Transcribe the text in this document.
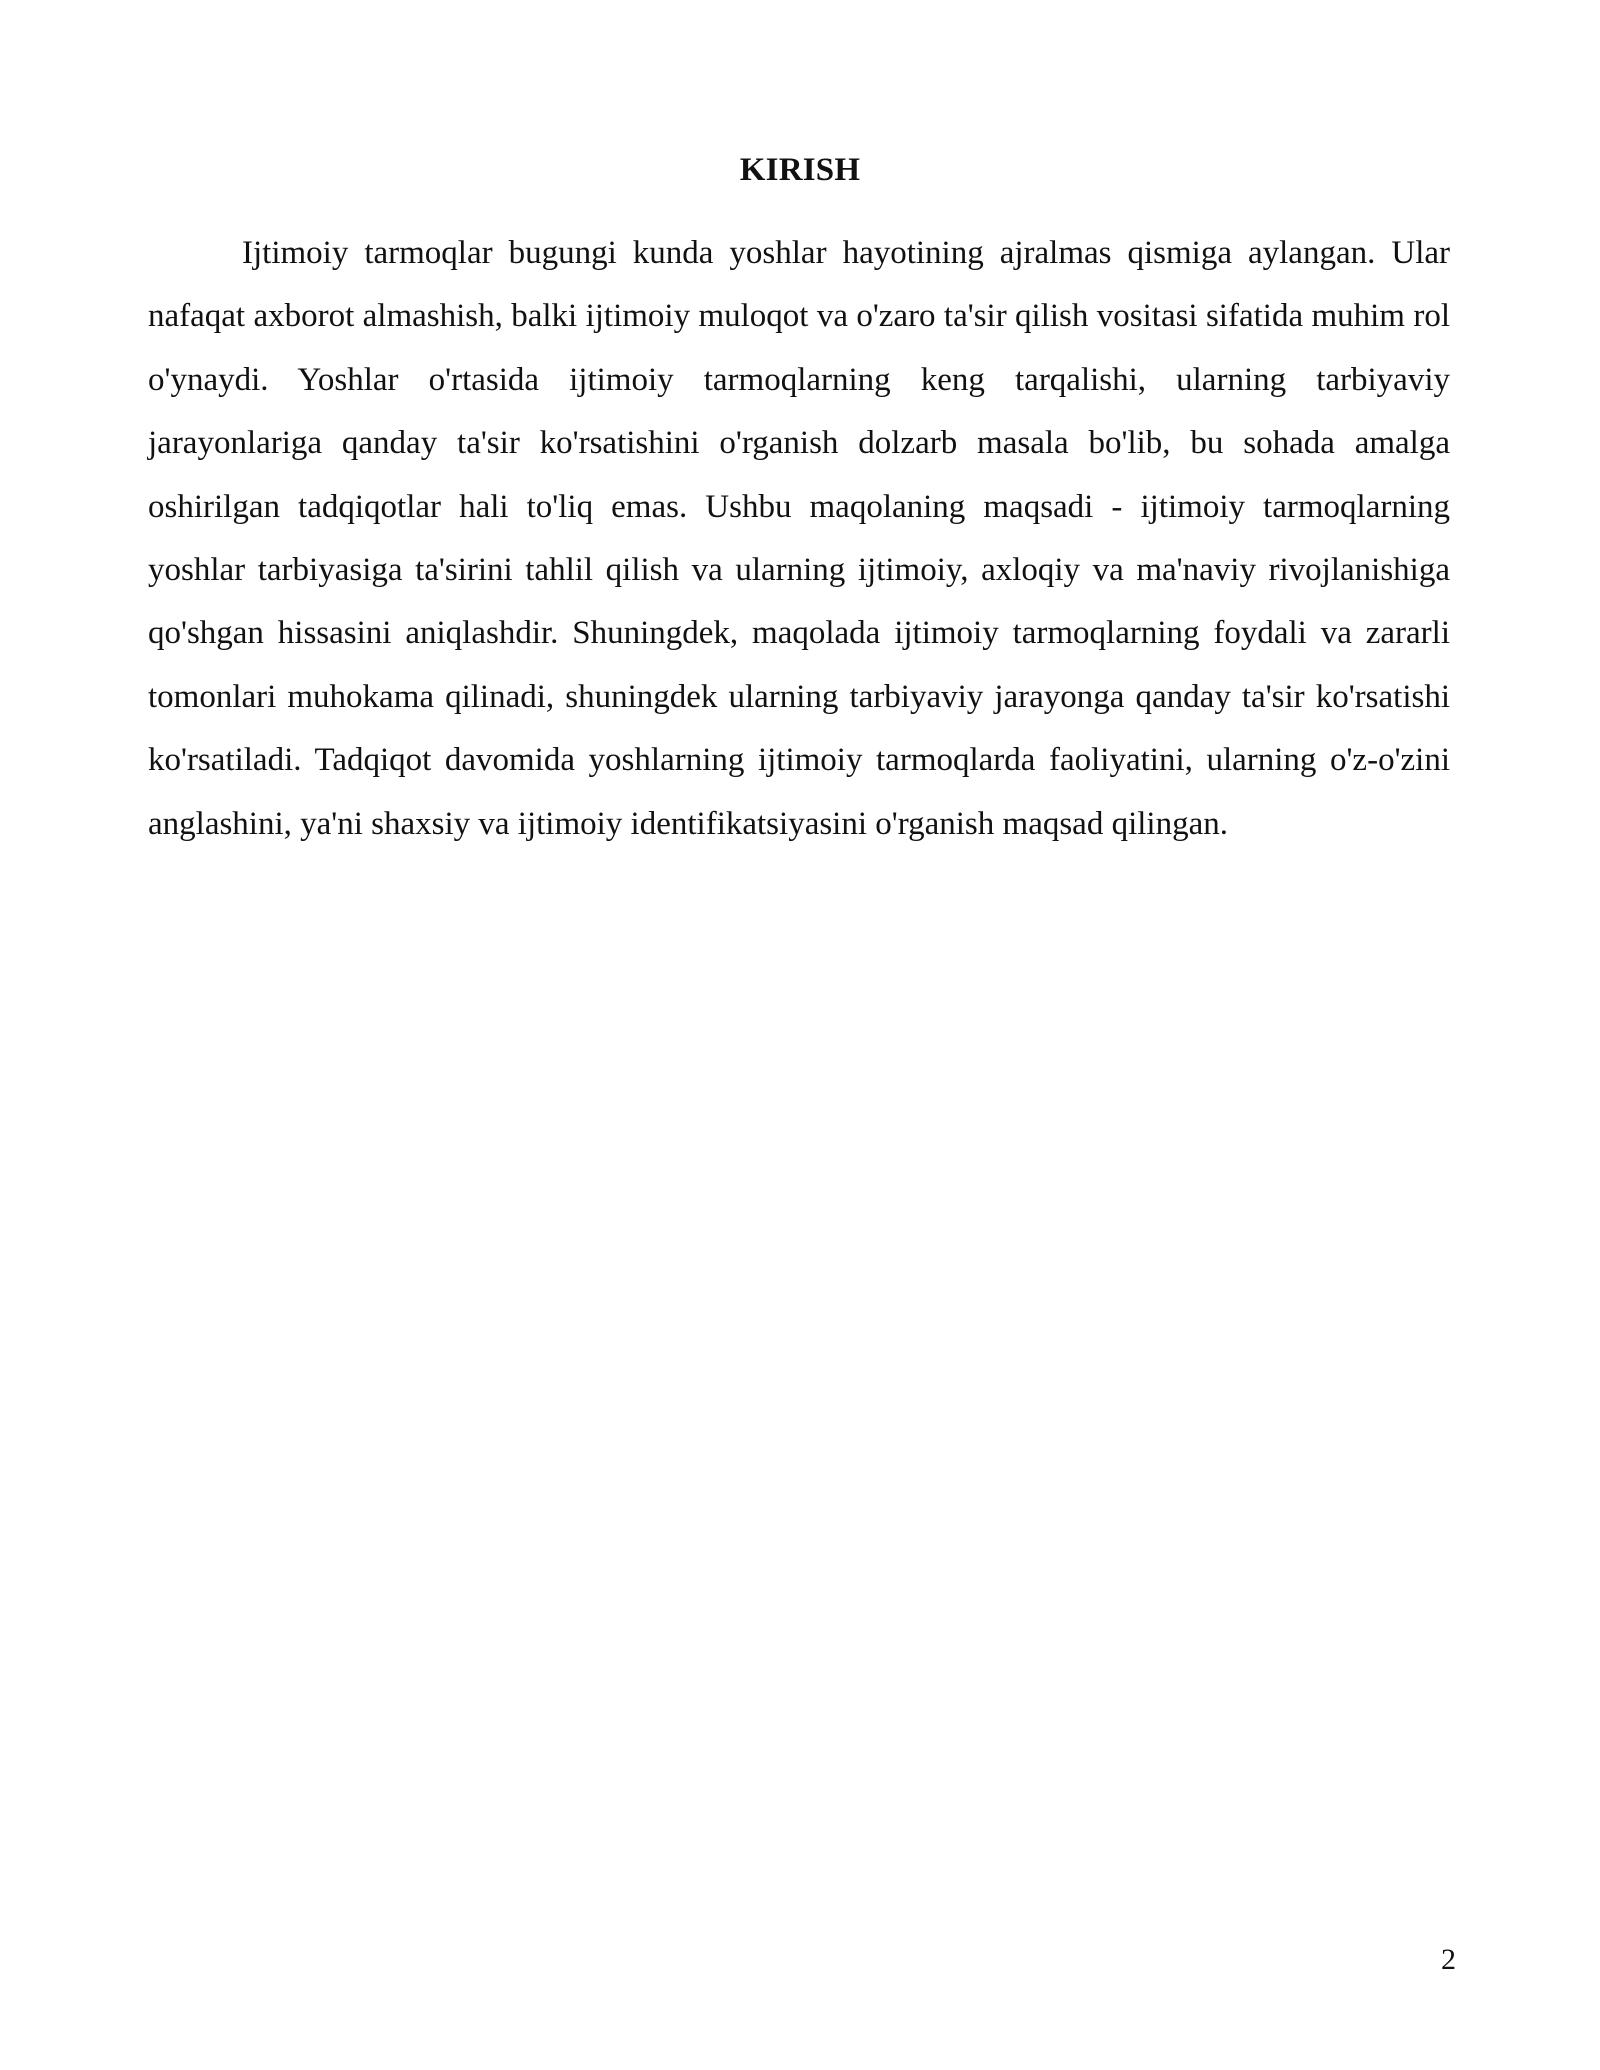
KIRISH

Ijtimoiy tarmoqlar bugungi kunda yoshlar hayotining ajralmas qismiga aylangan. Ular nafaqat axborot almashish, balki ijtimoiy muloqot va o'zaro ta'sir qilish vositasi sifatida muhim rol o'ynaydi. Yoshlar o'rtasida ijtimoiy tarmoqlarning keng tarqalishi, ularning tarbiyaviy jarayonlariga qanday ta'sir ko'rsatishini o'rganish dolzarb masala bo'lib, bu sohada amalga oshirilgan tadqiqotlar hali to'liq emas. Ushbu maqolaning maqsadi - ijtimoiy tarmoqlarning yoshlar tarbiyasiga ta'sirini tahlil qilish va ularning ijtimoiy, axloqiy va ma'naviy rivojlanishiga qo'shgan hissasini aniqlashdir. Shuningdek, maqolada ijtimoiy tarmoqlarning foydali va zararli tomonlari muhokama qilinadi, shuningdek ularning tarbiyaviy jarayonga qanday ta'sir ko'rsatishi ko'rsatiladi. Tadqiqot davomida yoshlarning ijtimoiy tarmoqlarda faoliyatini, ularning o'z-o'zini anglashini, ya'ni shaxsiy va ijtimoiy identifikatsiyasini o'rganish maqsad qilingan.

2
